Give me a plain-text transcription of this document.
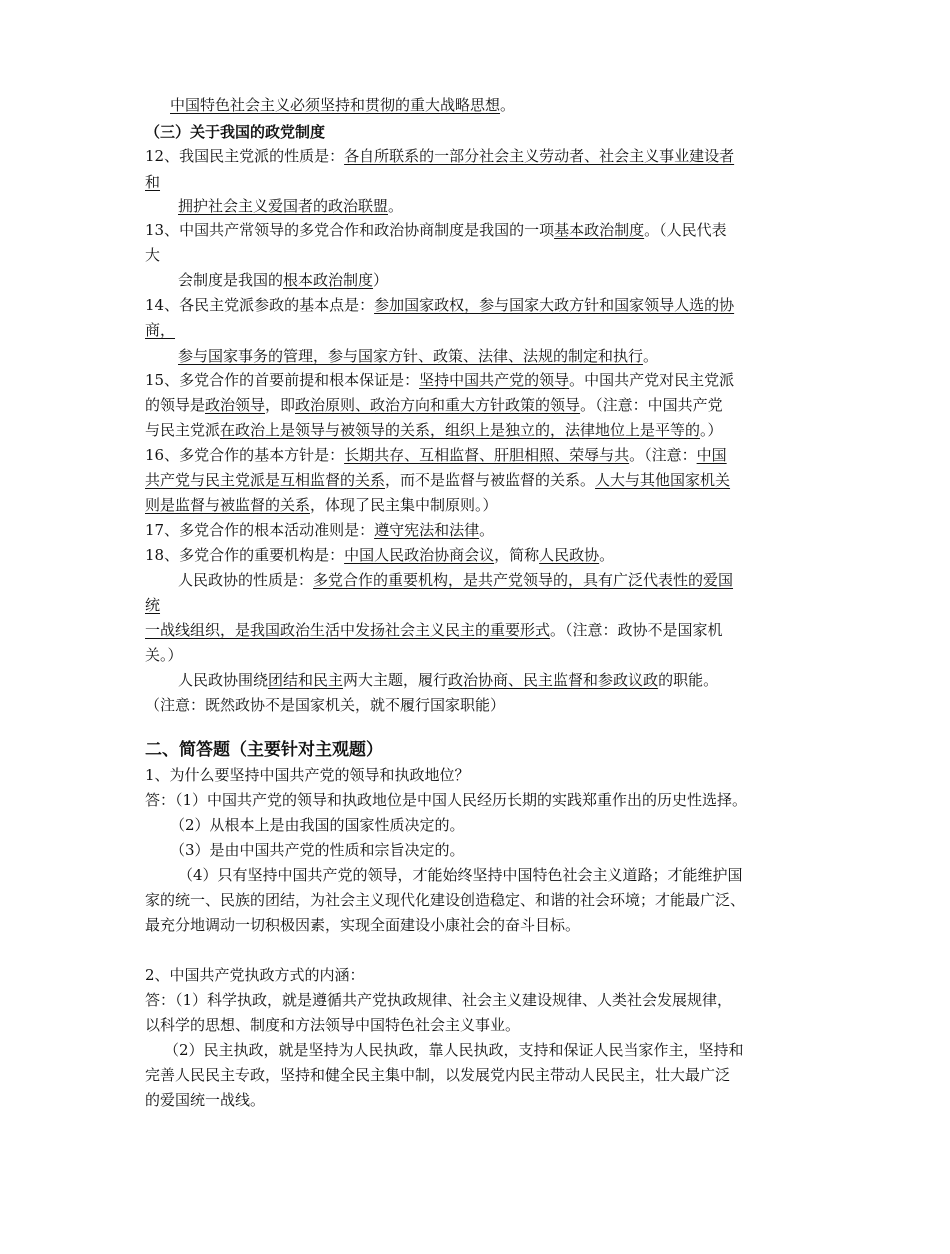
中国特色社会主义必须坚持和贯彻的重大战略思想。
（三）关于我国的政党制度
12、我国民主党派的性质是：各自所联系的一部分社会主义劳动者、社会主义事业建设者
和
拥护社会主义爱国者的政治联盟。
13、中国共产常领导的多党合作和政治协商制度是我国的一项基本政治制度。（人民代表
大
会制度是我国的根本政治制度）
14、各民主党派参政的基本点是：参加国家政权，参与国家大政方针和国家领导人选的协
商，
参与国家事务的管理，参与国家方针、政策、法律、法规的制定和执行。
15、多党合作的首要前提和根本保证是：坚持中国共产党的领导。中国共产党对民主党派
的领导是政治领导，即政治原则、政治方向和重大方针政策的领导。（注意：中国共产党
与民主党派在政治上是领导与被领导的关系，组织上是独立的，法律地位上是平等的。）
16、多党合作的基本方针是：长期共存、互相监督、肝胆相照、荣辱与共。（注意：中国
共产党与民主党派是互相监督的关系，而不是监督与被监督的关系。人大与其他国家机关
则是监督与被监督的关系，体现了民主集中制原则。）
17、多党合作的根本活动准则是：遵守宪法和法律。
18、多党合作的重要机构是：中国人民政治协商会议，简称人民政协。
人民政协的性质是：多党合作的重要机构，是共产党领导的，具有广泛代表性的爱国
统
一战线组织，是我国政治生活中发扬社会主义民主的重要形式。（注意：政协不是国家机
关。）
人民政协围绕团结和民主两大主题，履行政治协商、民主监督和参政议政的职能。
（注意：既然政协不是国家机关，就不履行国家职能）
二、简答题（主要针对主观题）
1、为什么要坚持中国共产党的领导和执政地位？
答：（1）中国共产党的领导和执政地位是中国人民经历长期的实践郑重作出的历史性选择。
（2）从根本上是由我国的国家性质决定的。
（3）是由中国共产党的性质和宗旨决定的。
（4）只有坚持中国共产党的领导，才能始终坚持中国特色社会主义道路；才能维护国
家的统一、民族的团结，为社会主义现代化建设创造稳定、和谐的社会环境；才能最广泛、
最充分地调动一切积极因素，实现全面建设小康社会的奋斗目标。
2、中国共产党执政方式的内涵：
答：（1）科学执政，就是遵循共产党执政规律、社会主义建设规律、人类社会发展规律，
以科学的思想、制度和方法领导中国特色社会主义事业。
（2）民主执政，就是坚持为人民执政，靠人民执政，支持和保证人民当家作主，坚持和
完善人民民主专政，坚持和健全民主集中制，以发展党内民主带动人民民主，壮大最广泛
的爱国统一战线。
